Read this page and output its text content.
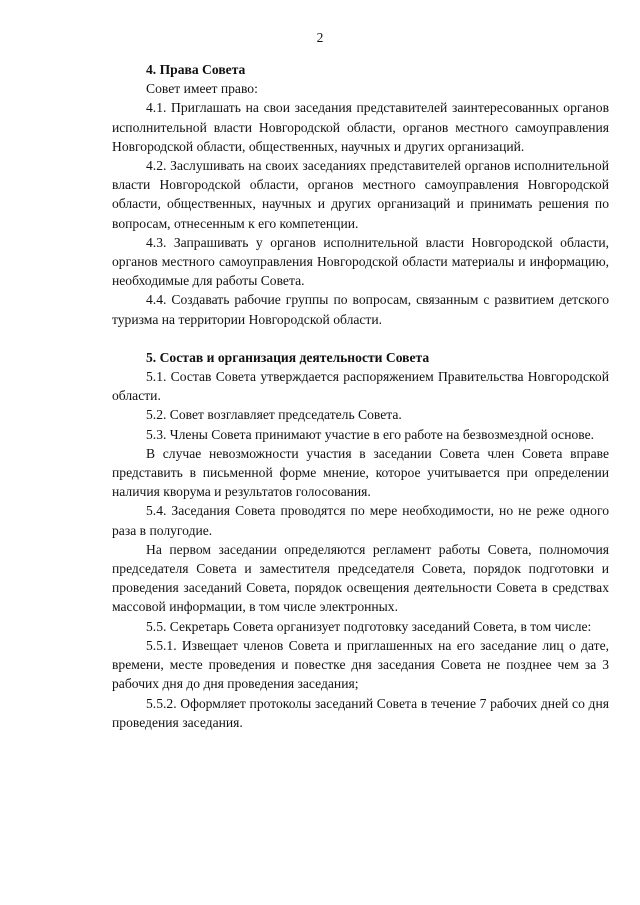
2

4. Права Совета

Совет имеет право:

4.1. Приглашать на свои заседания представителей заинтересованных органов исполнительной власти Новгородской области, органов местного самоуправления Новгородской области, общественных, научных и других организаций.

4.2. Заслушивать на своих заседаниях представителей органов исполнительной власти Новгородской области, органов местного самоуправления Новгородской области, общественных, научных и других организаций и принимать решения по вопросам, отнесенным к его компетенции.

4.3. Запрашивать у органов исполнительной власти Новгородской области, органов местного самоуправления Новгородской области материалы и информацию, необходимые для работы Совета.

4.4. Создавать рабочие группы по вопросам, связанным с развитием детского туризма на территории Новгородской области.

5. Состав и организация деятельности Совета

5.1. Состав Совета утверждается распоряжением Правительства Новгородской области.

5.2. Совет возглавляет председатель Совета.

5.3. Члены Совета принимают участие в его работе на безвозмездной основе.

В случае невозможности участия в заседании Совета член Совета вправе представить в письменной форме мнение, которое учитывается при определении наличия кворума и результатов голосования.

5.4. Заседания Совета проводятся по мере необходимости, но не реже одного раза в полугодие.

На первом заседании определяются регламент работы Совета, полномочия председателя Совета и заместителя председателя Совета, порядок подготовки и проведения заседаний Совета, порядок освещения деятельности Совета в средствах массовой информации, в том числе электронных.

5.5. Секретарь Совета организует подготовку заседаний Совета, в том числе:

5.5.1. Извещает членов Совета и приглашенных на его заседание лиц о дате, времени, месте проведения и повестке дня заседания Совета не позднее чем за 3 рабочих дня до дня проведения заседания;

5.5.2. Оформляет протоколы заседаний Совета в течение 7 рабочих дней со дня проведения заседания.
